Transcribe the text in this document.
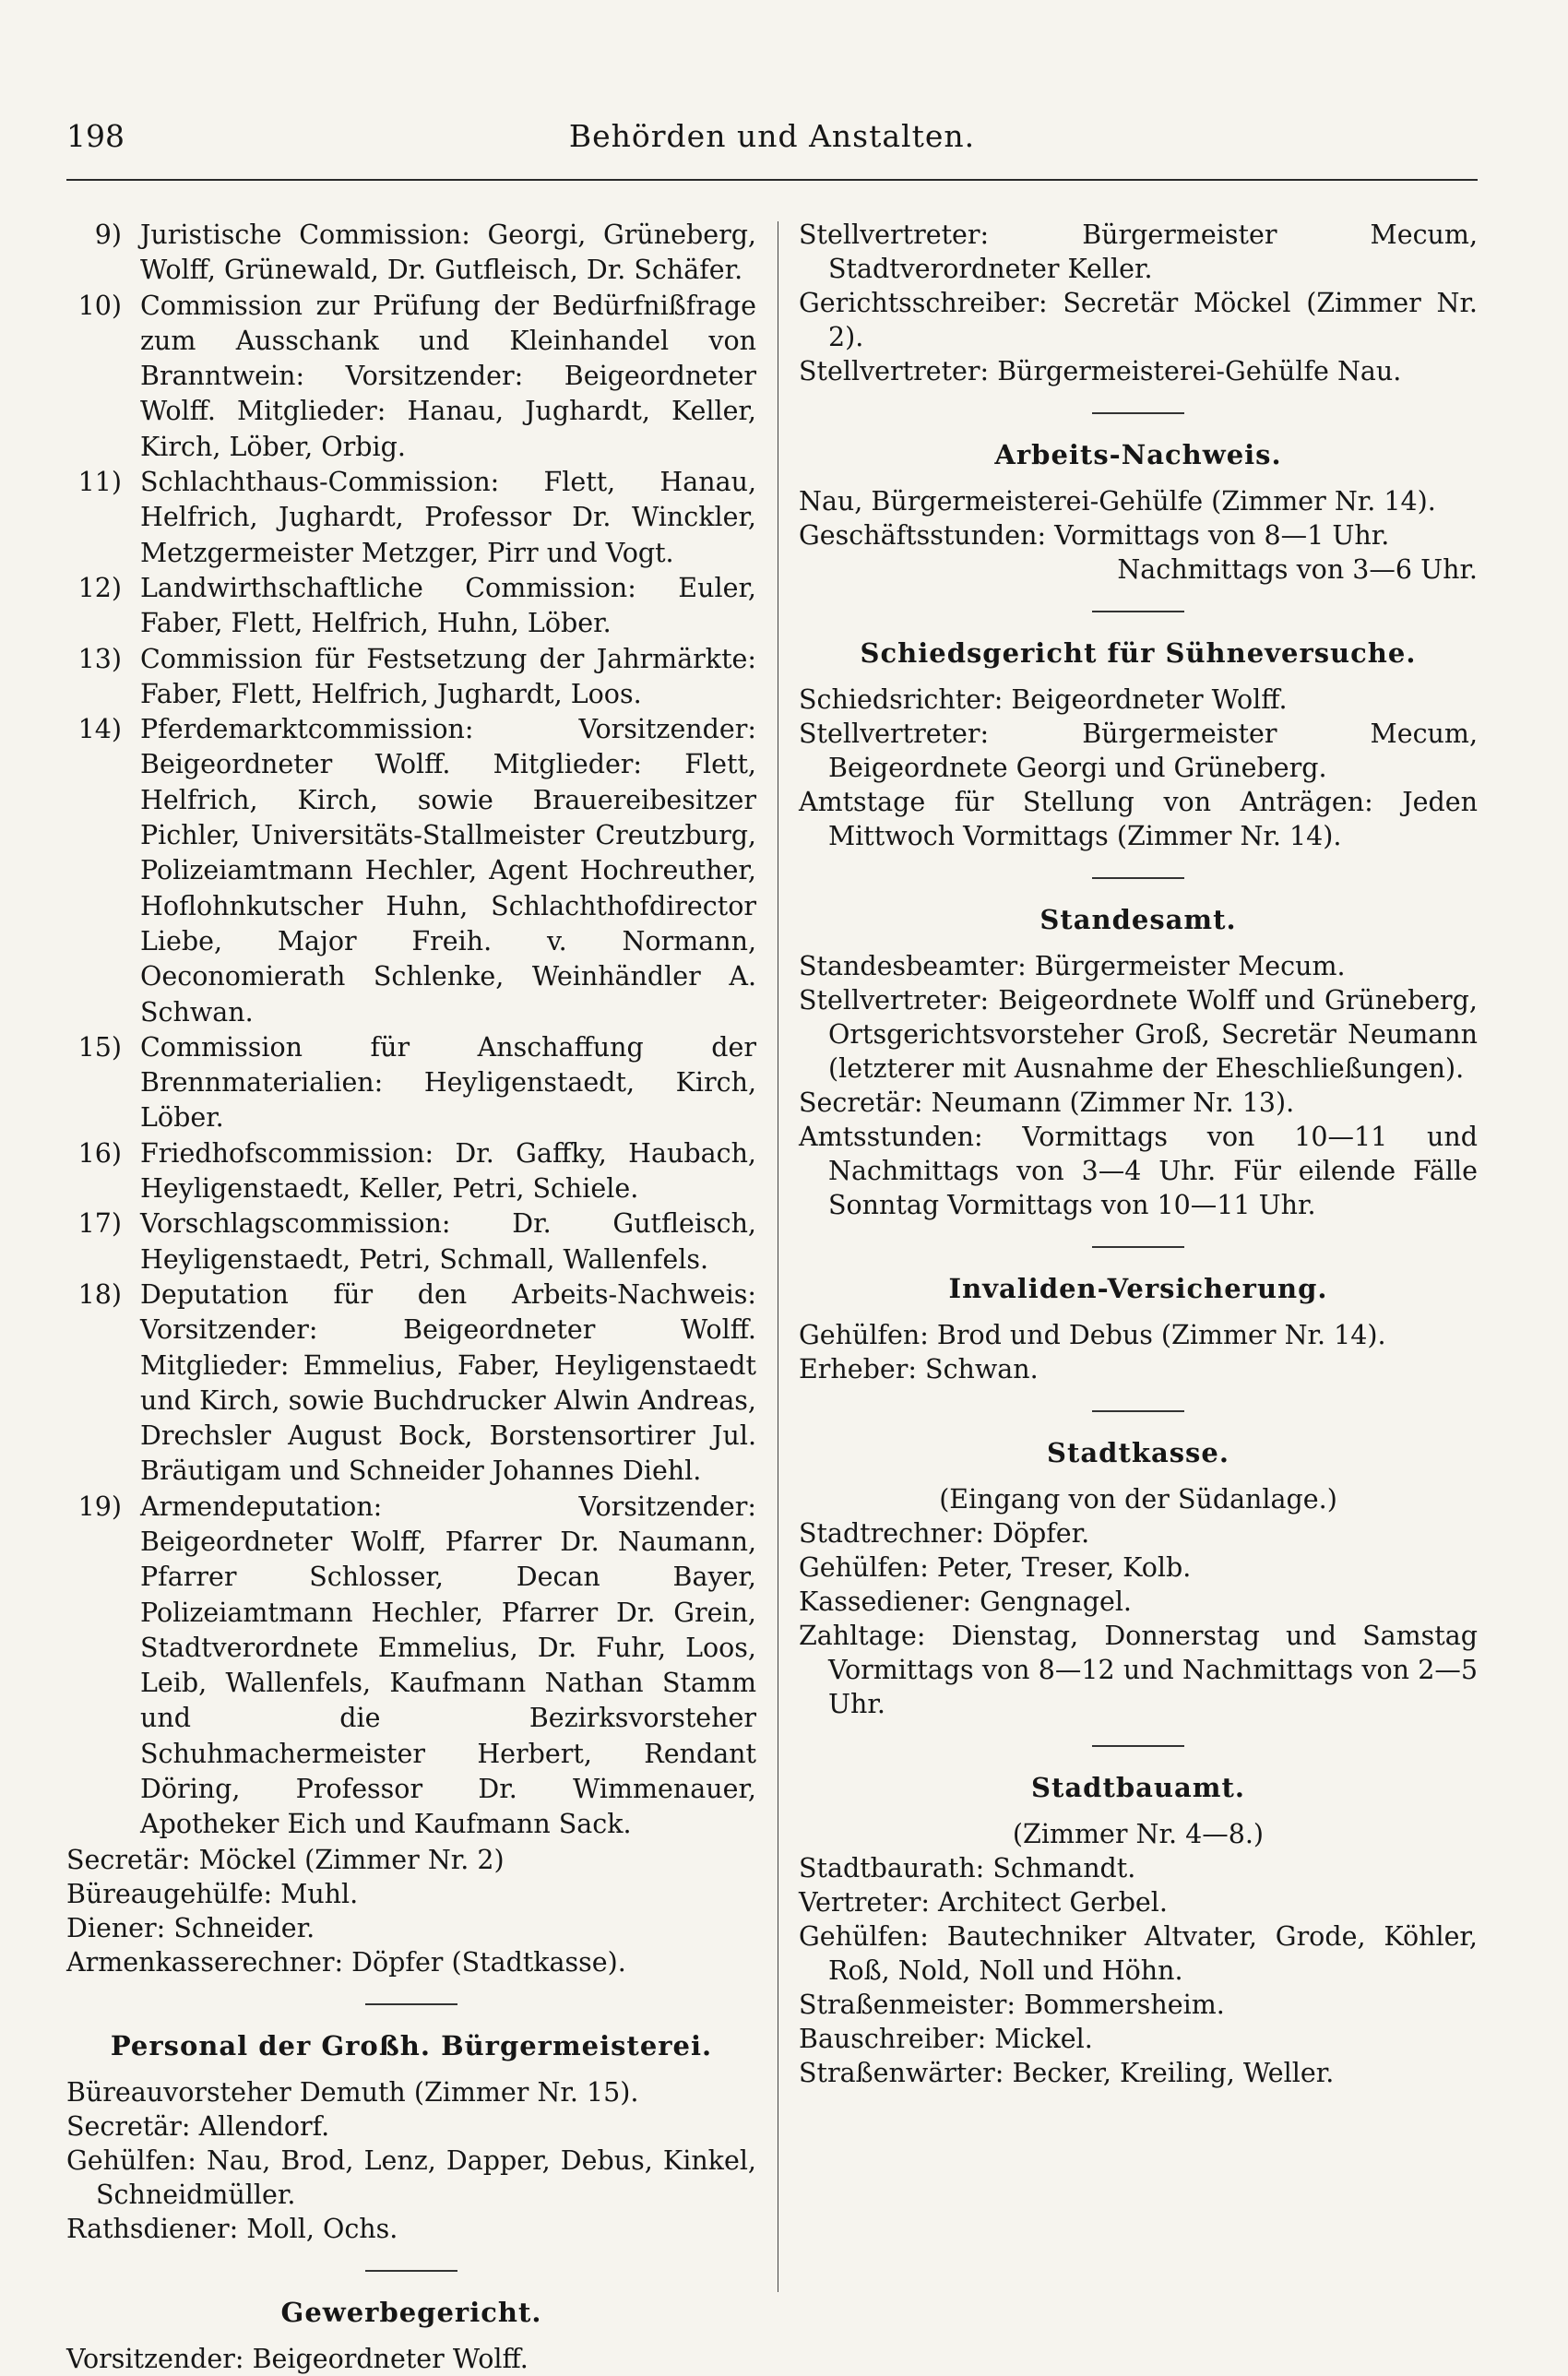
198	Behörden und Anstalten.

9) Juristische Commission: Georgi, Grüneberg, Wolff, Grünewald, Dr. Gutfleisch, Dr. Schäfer.

10) Commission zur Prüfung der Bedürfnißfrage zum Ausschank und Kleinhandel von Branntwein: Vorsitzender: Beigeordneter Wolff. Mitglieder: Hanau, Jughardt, Keller, Kirch, Löber, Orbig.

11) Schlachthaus-Commission: Flett, Hanau, Helfrich, Jughardt, Professor Dr. Winckler, Metzgermeister Metzger, Pirr und Vogt.

12) Landwirthschaftliche Commission: Euler, Faber, Flett, Helfrich, Huhn, Löber.

13) Commission für Festsetzung der Jahrmärkte: Faber, Flett, Helfrich, Jughardt, Loos.

14) Pferdemarktcommission: Vorsitzender: Beigeordneter Wolff. Mitglieder: Flett, Helfrich, Kirch, sowie Brauereibesitzer Pichler, Universitäts-Stallmeister Creutzburg, Polizeiamtmann Hechler, Agent Hochreuther, Hoflohnkutscher Huhn, Schlachthofdirector Liebe, Major Freih. v. Normann, Oeconomierath Schlenke, Weinhändler A. Schwan.

15) Commission für Anschaffung der Brennmaterialien: Heyligenstaedt, Kirch, Löber.

16) Friedhofscommission: Dr. Gaffky, Haubach, Heyligenstaedt, Keller, Petri, Schiele.

17) Vorschlagscommission: Dr. Gutfleisch, Heyligenstaedt, Petri, Schmall, Wallenfels.

18) Deputation für den Arbeits-Nachweis: Vorsitzender: Beigeordneter Wolff. Mitglieder: Emmelius, Faber, Heyligenstaedt und Kirch, sowie Buchdrucker Alwin Andreas, Drechsler August Bock, Borstensortirer Jul. Bräutigam und Schneider Johannes Diehl.

19) Armendeputation: Vorsitzender: Beigeordneter Wolff, Pfarrer Dr. Naumann, Pfarrer Schlosser, Decan Bayer, Polizeiamtmann Hechler, Pfarrer Dr. Grein, Stadtverordnete Emmelius, Dr. Fuhr, Loos, Leib, Wallenfels, Kaufmann Nathan Stamm und die Bezirksvorsteher Schuhmachermeister Herbert, Rendant Döring, Professor Dr. Wimmenauer, Apotheker Eich und Kaufmann Sack.

Secretär: Möckel (Zimmer Nr. 2)

Büreaugehülfe: Muhl.

Diener: Schneider.

Armenkasserechner: Döpfer (Stadtkasse).

Personal der Großh. Bürgermeisterei.

Büreauvorsteher Demuth (Zimmer Nr. 15).

Secretär: Allendorf.

Gehülfen: Nau, Brod, Lenz, Dapper, Debus, Kinkel, Schneidmüller.

Rathsdiener: Moll, Ochs.

Gewerbegericht.

Vorsitzender: Beigeordneter Wolff.

Stellvertreter: Bürgermeister Mecum, Stadtverordneter Keller.

Gerichtsschreiber: Secretär Möckel (Zimmer Nr. 2).

Stellvertreter: Bürgermeisterei-Gehülfe Nau.

Arbeits-Nachweis.

Nau, Bürgermeisterei-Gehülfe (Zimmer Nr. 14).

Geschäftsstunden: Vormittags von 8—1 Uhr.

Nachmittags von 3—6 Uhr.

Schiedsgericht für Sühneversuche.

Schiedsrichter: Beigeordneter Wolff.

Stellvertreter: Bürgermeister Mecum, Beigeordnete Georgi und Grüneberg.

Amtstage für Stellung von Anträgen: Jeden Mittwoch Vormittags (Zimmer Nr. 14).

Standesamt.

Standesbeamter: Bürgermeister Mecum.

Stellvertreter: Beigeordnete Wolff und Grüneberg, Ortsgerichtsvorsteher Groß, Secretär Neumann (letzterer mit Ausnahme der Eheschließungen).

Secretär: Neumann (Zimmer Nr. 13).

Amtsstunden: Vormittags von 10—11 und Nachmittags von 3—4 Uhr. Für eilende Fälle Sonntag Vormittags von 10—11 Uhr.

Invaliden-Versicherung.

Gehülfen: Brod und Debus (Zimmer Nr. 14).

Erheber: Schwan.

Stadtkasse.

(Eingang von der Südanlage.)

Stadtrechner: Döpfer.

Gehülfen: Peter, Treser, Kolb.

Kassediener: Gengnagel.

Zahltage: Dienstag, Donnerstag und Samstag Vormittags von 8—12 und Nachmittags von 2—5 Uhr.

Stadtbauamt.

(Zimmer Nr. 4—8.)

Stadtbaurath: Schmandt.

Vertreter: Architect Gerbel.

Gehülfen: Bautechniker Altvater, Grode, Köhler, Roß, Nold, Noll und Höhn.

Straßenmeister: Bommersheim.

Bauschreiber: Mickel.

Straßenwärter: Becker, Kreiling, Weller.
